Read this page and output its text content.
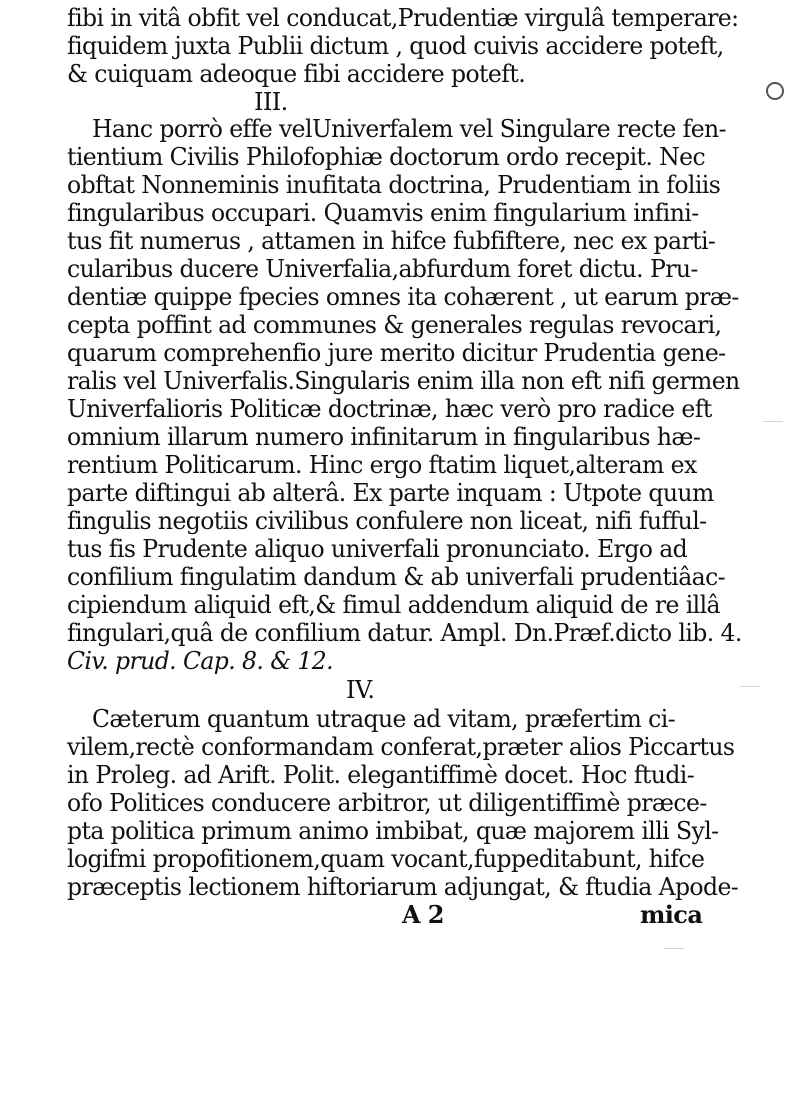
fibi in vitâ obfit vel conducat,Prudentiæ virgulâ temperare:
fiquidem juxta Publii dictum , quod cuivis accidere poteft,
& cuiquam adeoque fibi accidere poteft.
III.
Hanc porrò effe velUniverfalem vel Singulare recte fen-
tientium Civilis Philofophiæ doctorum ordo recepit. Nec
obftat Nonnеminis inufitata doctrina, Prudentiam in foliis
fingularibus occupari. Quamvis enim fingularium infini-
tus fit numerus , attamen in hifce fubfiftere, nec ex parti-
cularibus ducere Univerfalia,abfurdum foret dictu. Pru-
dentiæ quippe fpecies omnes ita cohærent , ut earum præ-
cepta poffint ad communes & generales regulas revocari,
quarum comprehenfio jure merito dicitur Prudentia gene-
ralis vel Univerfalis.Singularis enim illa non eft nifi germen
Univerfalioris Politicæ doctrinæ, hæc verò pro radice eft
omnium illarum numero infinitarum in fingularibus hæ-
rentium Politicarum. Hinc ergo ftatim liquet,alteram ex
parte diftingui ab alterâ. Ex parte inquam : Utpote quum
fingulis negotiis civilibus confulere non liceat, nifi fufful-
tus fis Prudente aliquo univerfali pronunciato. Ergo ad
confilium fingulatim dandum & ab univerfali prudentiâac-
cipiendum aliquid eft,& fimul addendum aliquid de re illâ
fingulari,quâ de confilium datur. Ampl. Dn.Præf.dicto lib. 4.
Civ. prud. Cap. 8. & 12.
IV.
Cæterum quantum utraque ad vitam, præfertim ci-
vilem,rectè conformandam conferat,præter alios Piccartus
in Proleg. ad Arift. Polit. elegantiffimè docet. Hoc ftudi-
ofo Politices conducere arbitror, ut diligentiffimè præce-
pta politica primum animo imbibat, quæ majorem illi Syl-
logifmi propofitionem,quam vocant,fuppeditabunt, hifce
præceptis lectionem hiftoriarum adjungat, & ftudia Apode-
A 2	mica
